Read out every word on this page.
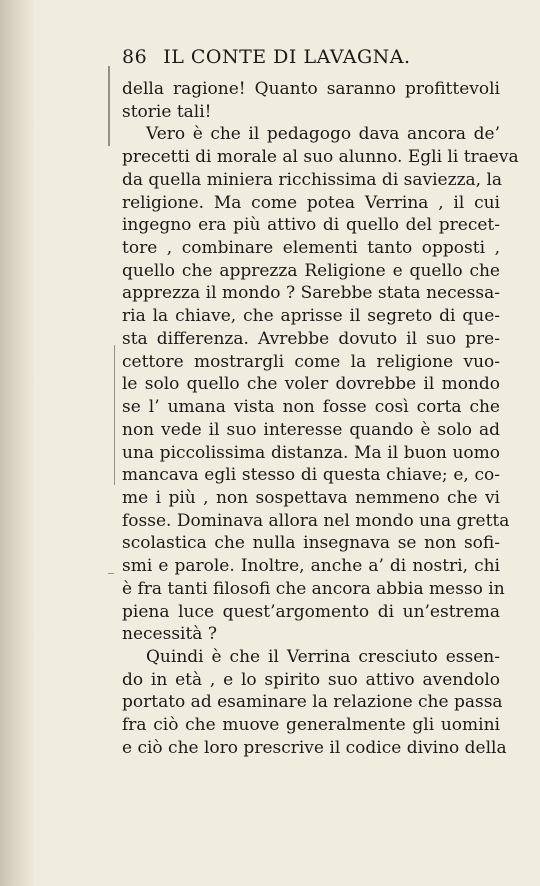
86 IL CONTE DI LAVAGNA.
della ragione! Quanto saranno profittevoli
storie tali!
Vero è che il pedagogo dava ancora de’
precetti di morale al suo alunno. Egli li traeva
da quella miniera ricchissima di saviezza, la
religione. Ma come potea Verrina , il cui
ingegno era più attivo di quello del precet-
tore , combinare elementi tanto opposti ,
quello che apprezza Religione e quello che
apprezza il mondo ? Sarebbe stata necessa-
ria la chiave, che aprisse il segreto di que-
sta differenza. Avrebbe dovuto il suo pre-
cettore mostrargli come la religione vuo-
le solo quello che voler dovrebbe il mondo
se l’ umana vista non fosse così corta che
non vede il suo interesse quando è solo ad
una piccolissima distanza. Ma il buon uomo
mancava egli stesso di questa chiave; e, co-
me i più , non sospettava nemmeno che vi
fosse. Dominava allora nel mondo una gretta
scolastica che nulla insegnava se non sofi-
smi e parole. Inoltre, anche a’ di nostri, chi
è fra tanti filosofi che ancora abbia messo in
piena luce quest’argomento di un’estrema
necessità ?
Quindi è che il Verrina cresciuto essen-
do in età , e lo spirito suo attivo avendolo
portato ad esaminare la relazione che passa
fra ciò che muove generalmente gli uomini
e ciò che loro prescrive il codice divino della
